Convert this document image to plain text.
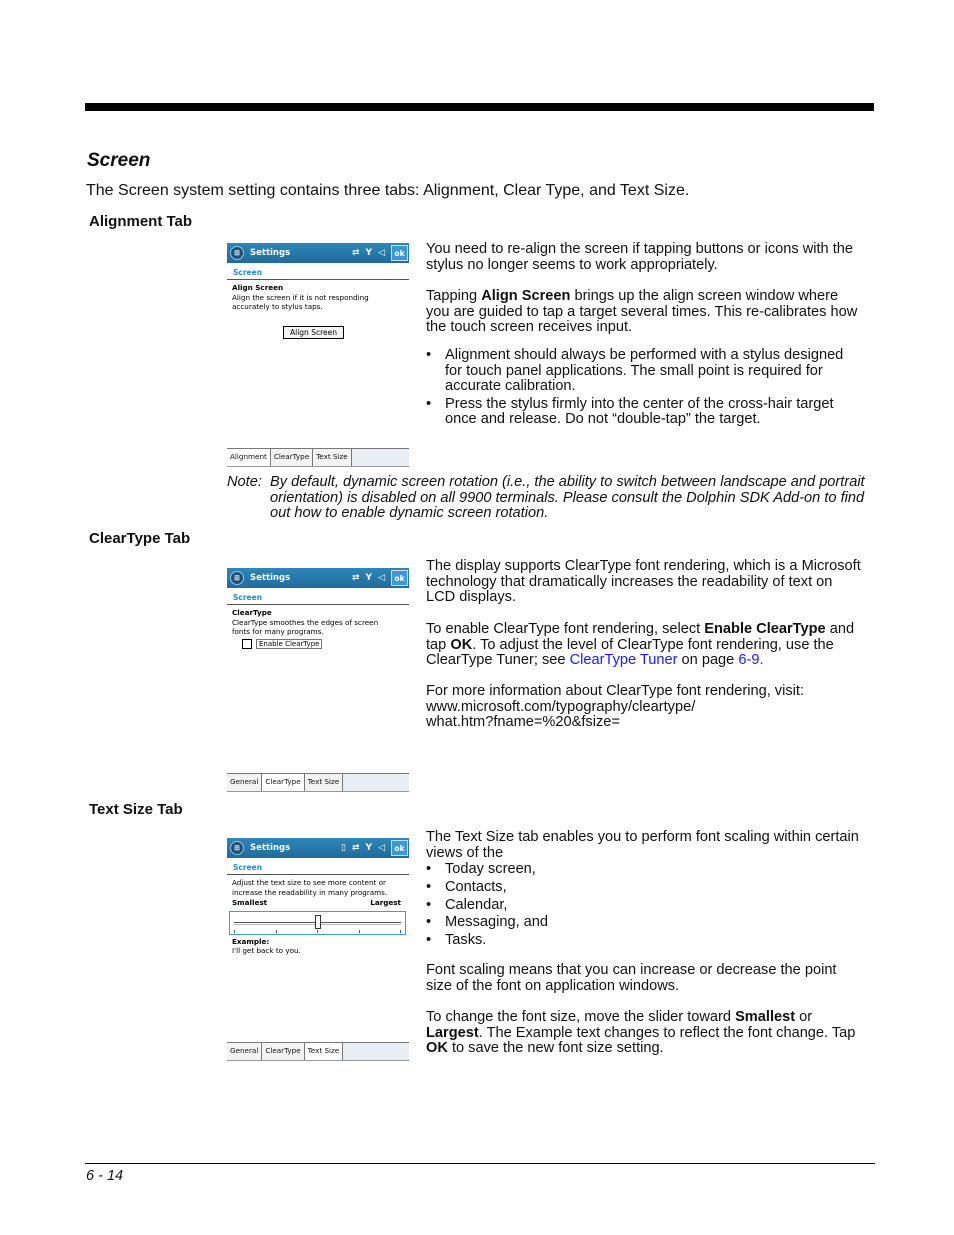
Screen
The Screen system setting contains three tabs: Alignment, Clear Type, and Text Size.
Alignment Tab
⊞	Settings	⇄ Y ◁	ok
Screen
Align Screen

Align the screen if it is not responding accurately to stylus taps.
Align Screen
Alignment ClearType Text Size
You need to re-align the screen if tapping buttons or icons with the stylus no longer seems to work appropriately.
Tapping Align Screen brings up the align screen window where you are guided to tap a target several times. This re-calibrates how the touch screen receives input.
• Alignment should always be performed with a stylus designed for touch panel applications. The small point is required for accurate calibration.
• Press the stylus firmly into the center of the cross-hair target once and release. Do not “double-tap” the target.
Note: By default, dynamic screen rotation (i.e., the ability to switch between landscape and portrait orientation) is disabled on all 9900 terminals. Please consult the Dolphin SDK Add-on to find out how to enable dynamic screen rotation.
ClearType Tab
⊞	Settings	⇄ Y ◁	ok
Screen
ClearType

ClearType smoothes the edges of screen fonts for many programs.
Enable ClearType
General ClearType Text Size
The display supports ClearType font rendering, which is a Microsoft technology that dramatically increases the readability of text on LCD displays.
To enable ClearType font rendering, select Enable ClearType and tap OK. To adjust the level of ClearType font rendering, use the ClearType Tuner; see ClearType Tuner on page 6-9.
For more information about ClearType font rendering, visit:
www.microsoft.com/typography/cleartype/
what.htm?fname=%20&fsize=
Text Size Tab
⊞	Settings	▯ ⇄ Y ◁	ok
Screen
Adjust the text size to see more content or increase the readability in many programs.
Smallest	Largest
Example:
I'll get back to you.
General ClearType Text Size
The Text Size tab enables you to perform font scaling within certain views of the
• Today screen,
• Contacts,
• Calendar,
• Messaging, and
• Tasks.
Font scaling means that you can increase or decrease the point size of the font on application windows.
To change the font size, move the slider toward Smallest or Largest. The Example text changes to reflect the font change. Tap OK to save the new font size setting.
6 - 14
